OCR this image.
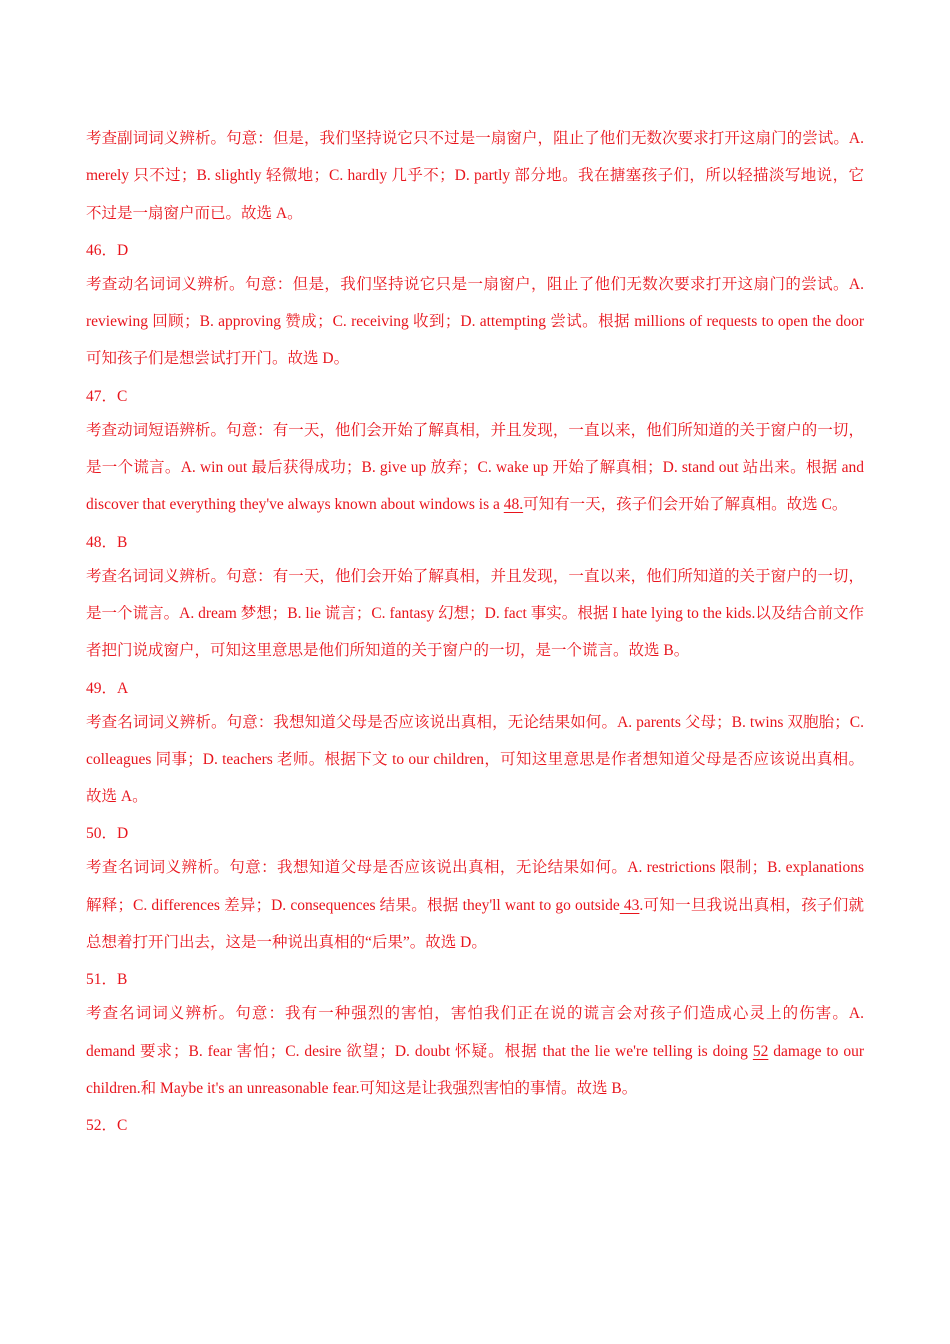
考查副词词义辨析。句意：但是，我们坚持说它只不过是一扇窗户，阻止了他们无数次要求打开这扇门的尝试。A. merely 只不过；B. slightly 轻微地；C. hardly 几乎不；D. partly 部分地。我在搪塞孩子们，所以轻描淡写地说，它不过是一扇窗户而已。故选 A。

46．D

考查动名词词义辨析。句意：但是，我们坚持说它只是一扇窗户，阻止了他们无数次要求打开这扇门的尝试。A. reviewing 回顾；B. approving 赞成；C. receiving 收到；D. attempting 尝试。根据 millions of requests to open the door 可知孩子们是想尝试打开门。故选 D。

47．C

考查动词短语辨析。句意：有一天，他们会开始了解真相，并且发现，一直以来，他们所知道的关于窗户的一切， 是一个谎言。A. win out 最后获得成功；B. give up 放弃；C. wake up 开始了解真相；D. stand out 站出来。根据 and discover that everything they've always known about windows is a 48.可知有一天，孩子们会开始了解真相。故选 C。

48．B

考查名词词义辨析。句意：有一天，他们会开始了解真相，并且发现，一直以来，他们所知道的关于窗户的一切，是一个谎言。A. dream 梦想；B. lie 谎言；C. fantasy 幻想；D. fact 事实。根据 I hate lying to the kids.以及结合前文作者把门说成窗户，可知这里意思是他们所知道的关于窗户的一切，是一个谎言。故选 B。

49．A

考查名词词义辨析。句意：我想知道父母是否应该说出真相，无论结果如何。A. parents 父母；B. twins 双胞胎；C. colleagues 同事；D. teachers 老师。根据下文 to our children，可知这里意思是作者想知道父母是否应该说出真相。故选 A。

50．D

考查名词词义辨析。句意：我想知道父母是否应该说出真相，无论结果如何。A. restrictions 限制；B. explanations 解释；C. differences 差异；D. consequences 结果。根据 they'll want to go outside 43.可知一旦我说出真相，孩子们就总想着打开门出去，这是一种说出真相的“后果”。故选 D。

51．B

考查名词词义辨析。句意：我有一种强烈的害怕，害怕我们正在说的谎言会对孩子们造成心灵上的伤害。A. demand 要求；B. fear 害怕；C. desire 欲望；D. doubt 怀疑。根据 that the lie we're telling is doing 52 damage to our children.和 Maybe it's an unreasonable fear.可知这是让我强烈害怕的事情。故选 B。

52．C
